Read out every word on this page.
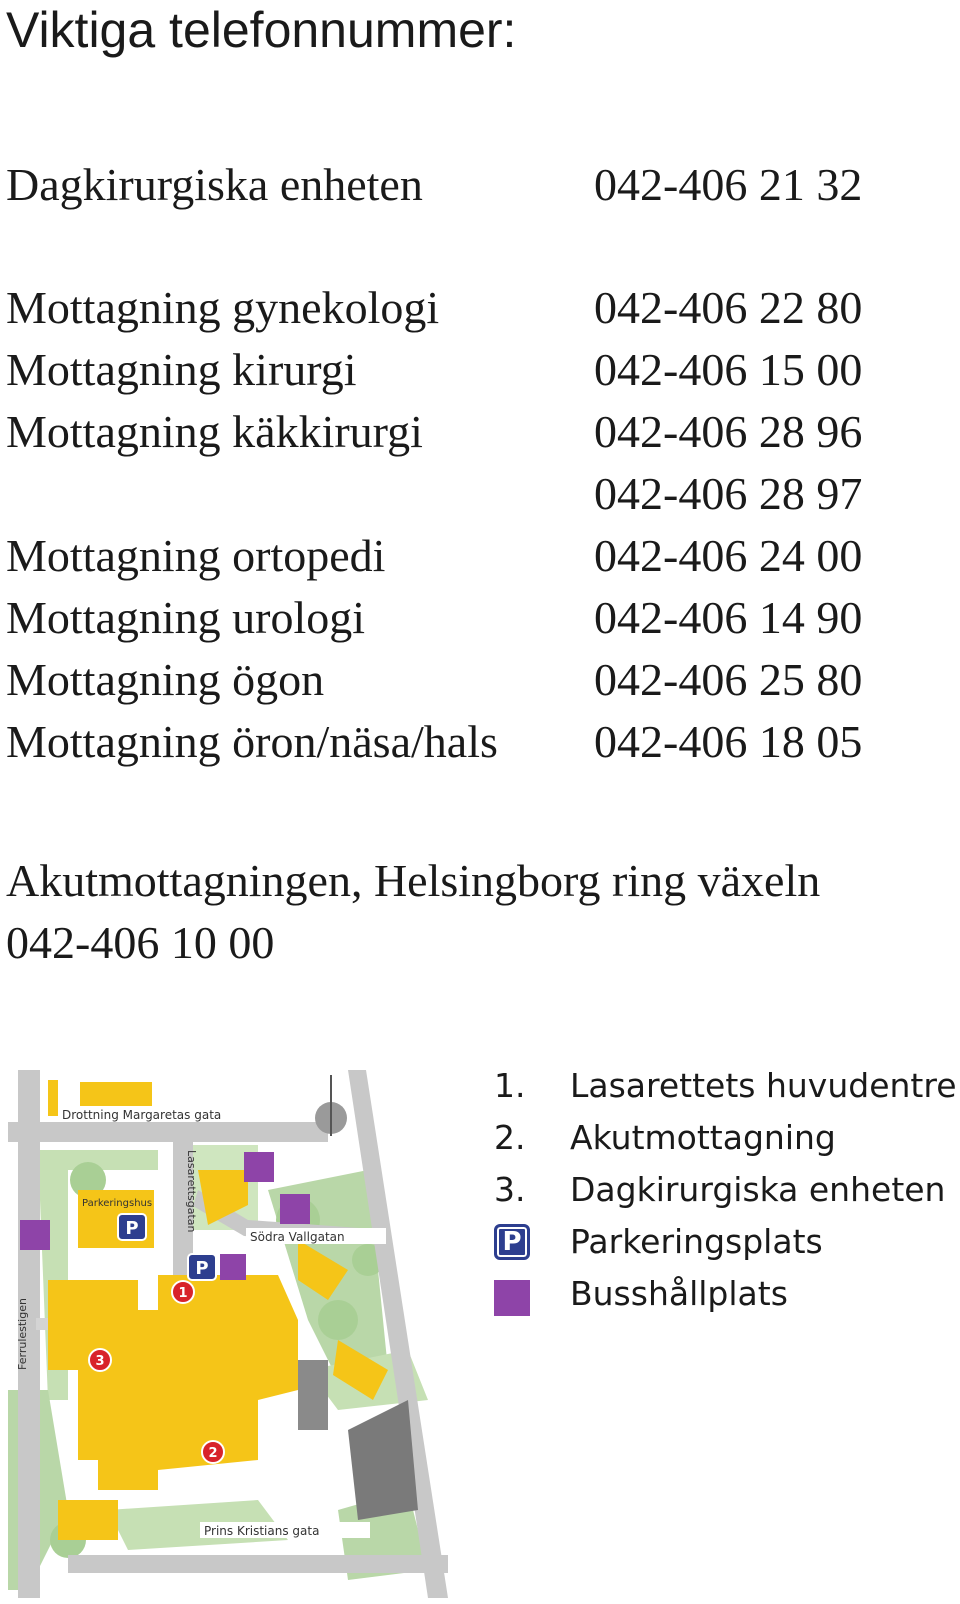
Viktiga telefonnummer:
Dagkirurgiska enheten	042-406 21 32
Mottagning gynekologi	042-406 22 80
Mottagning kirurgi	042-406 15 00
Mottagning käkkirurgi	042-406 28 96
042-406 28 97
Mottagning ortopedi	042-406 24 00
Mottagning urologi	042-406 14 90
Mottagning ögon	042-406 25 80
Mottagning öron/näsa/hals 042-406 18 05
Akutmottagningen, Helsingborg ring växeln
042-406 10 00
P
P
1
3
2
Drottning Margaretas gata
Södra Vallgatan
Prins Kristians gata
Lasarettsgatan
Ferrulestigen
Parkeringshus
1. Lasarettets huvudentre
2. Akutmottagning
3. Dagkirurgiska enheten
P Parkeringsplats
Busshållplats
